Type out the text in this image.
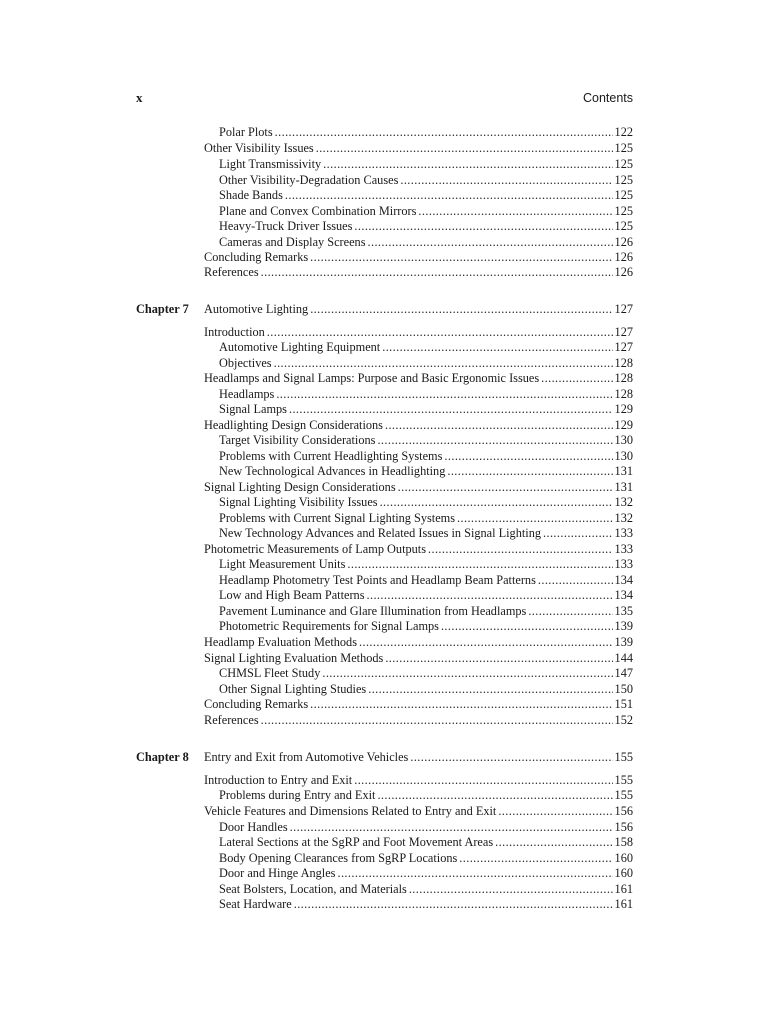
x	Contents
Polar Plots .....	122
Other Visibility Issues .....	125
Light Transmissivity .....	125
Other Visibility-Degradation Causes .....	125
Shade Bands .....	125
Plane and Convex Combination Mirrors .....	125
Heavy-Truck Driver Issues .....	125
Cameras and Display Screens .....	126
Concluding Remarks .....	126
References .....	126
Chapter 7	Automotive Lighting .....	127
Introduction .....	127
Automotive Lighting Equipment .....	127
Objectives .....	128
Headlamps and Signal Lamps: Purpose and Basic Ergonomic Issues .....	128
Headlamps .....	128
Signal Lamps .....	129
Headlighting Design Considerations .....	129
Target Visibility Considerations .....	130
Problems with Current Headlighting Systems .....	130
New Technological Advances in Headlighting .....	131
Signal Lighting Design Considerations .....	131
Signal Lighting Visibility Issues .....	132
Problems with Current Signal Lighting Systems .....	132
New Technology Advances and Related Issues in Signal Lighting .....	133
Photometric Measurements of Lamp Outputs .....	133
Light Measurement Units .....	133
Headlamp Photometry Test Points and Headlamp Beam Patterns .....	134
Low and High Beam Patterns .....	134
Pavement Luminance and Glare Illumination from Headlamps .....	135
Photometric Requirements for Signal Lamps .....	139
Headlamp Evaluation Methods .....	139
Signal Lighting Evaluation Methods .....	144
CHMSL Fleet Study .....	147
Other Signal Lighting Studies .....	150
Concluding Remarks .....	151
References .....	152
Chapter 8	Entry and Exit from Automotive Vehicles .....	155
Introduction to Entry and Exit .....	155
Problems during Entry and Exit .....	155
Vehicle Features and Dimensions Related to Entry and Exit .....	156
Door Handles .....	156
Lateral Sections at the SgRP and Foot Movement Areas .....	158
Body Opening Clearances from SgRP Locations .....	160
Door and Hinge Angles .....	160
Seat Bolsters, Location, and Materials .....	161
Seat Hardware .....	161
